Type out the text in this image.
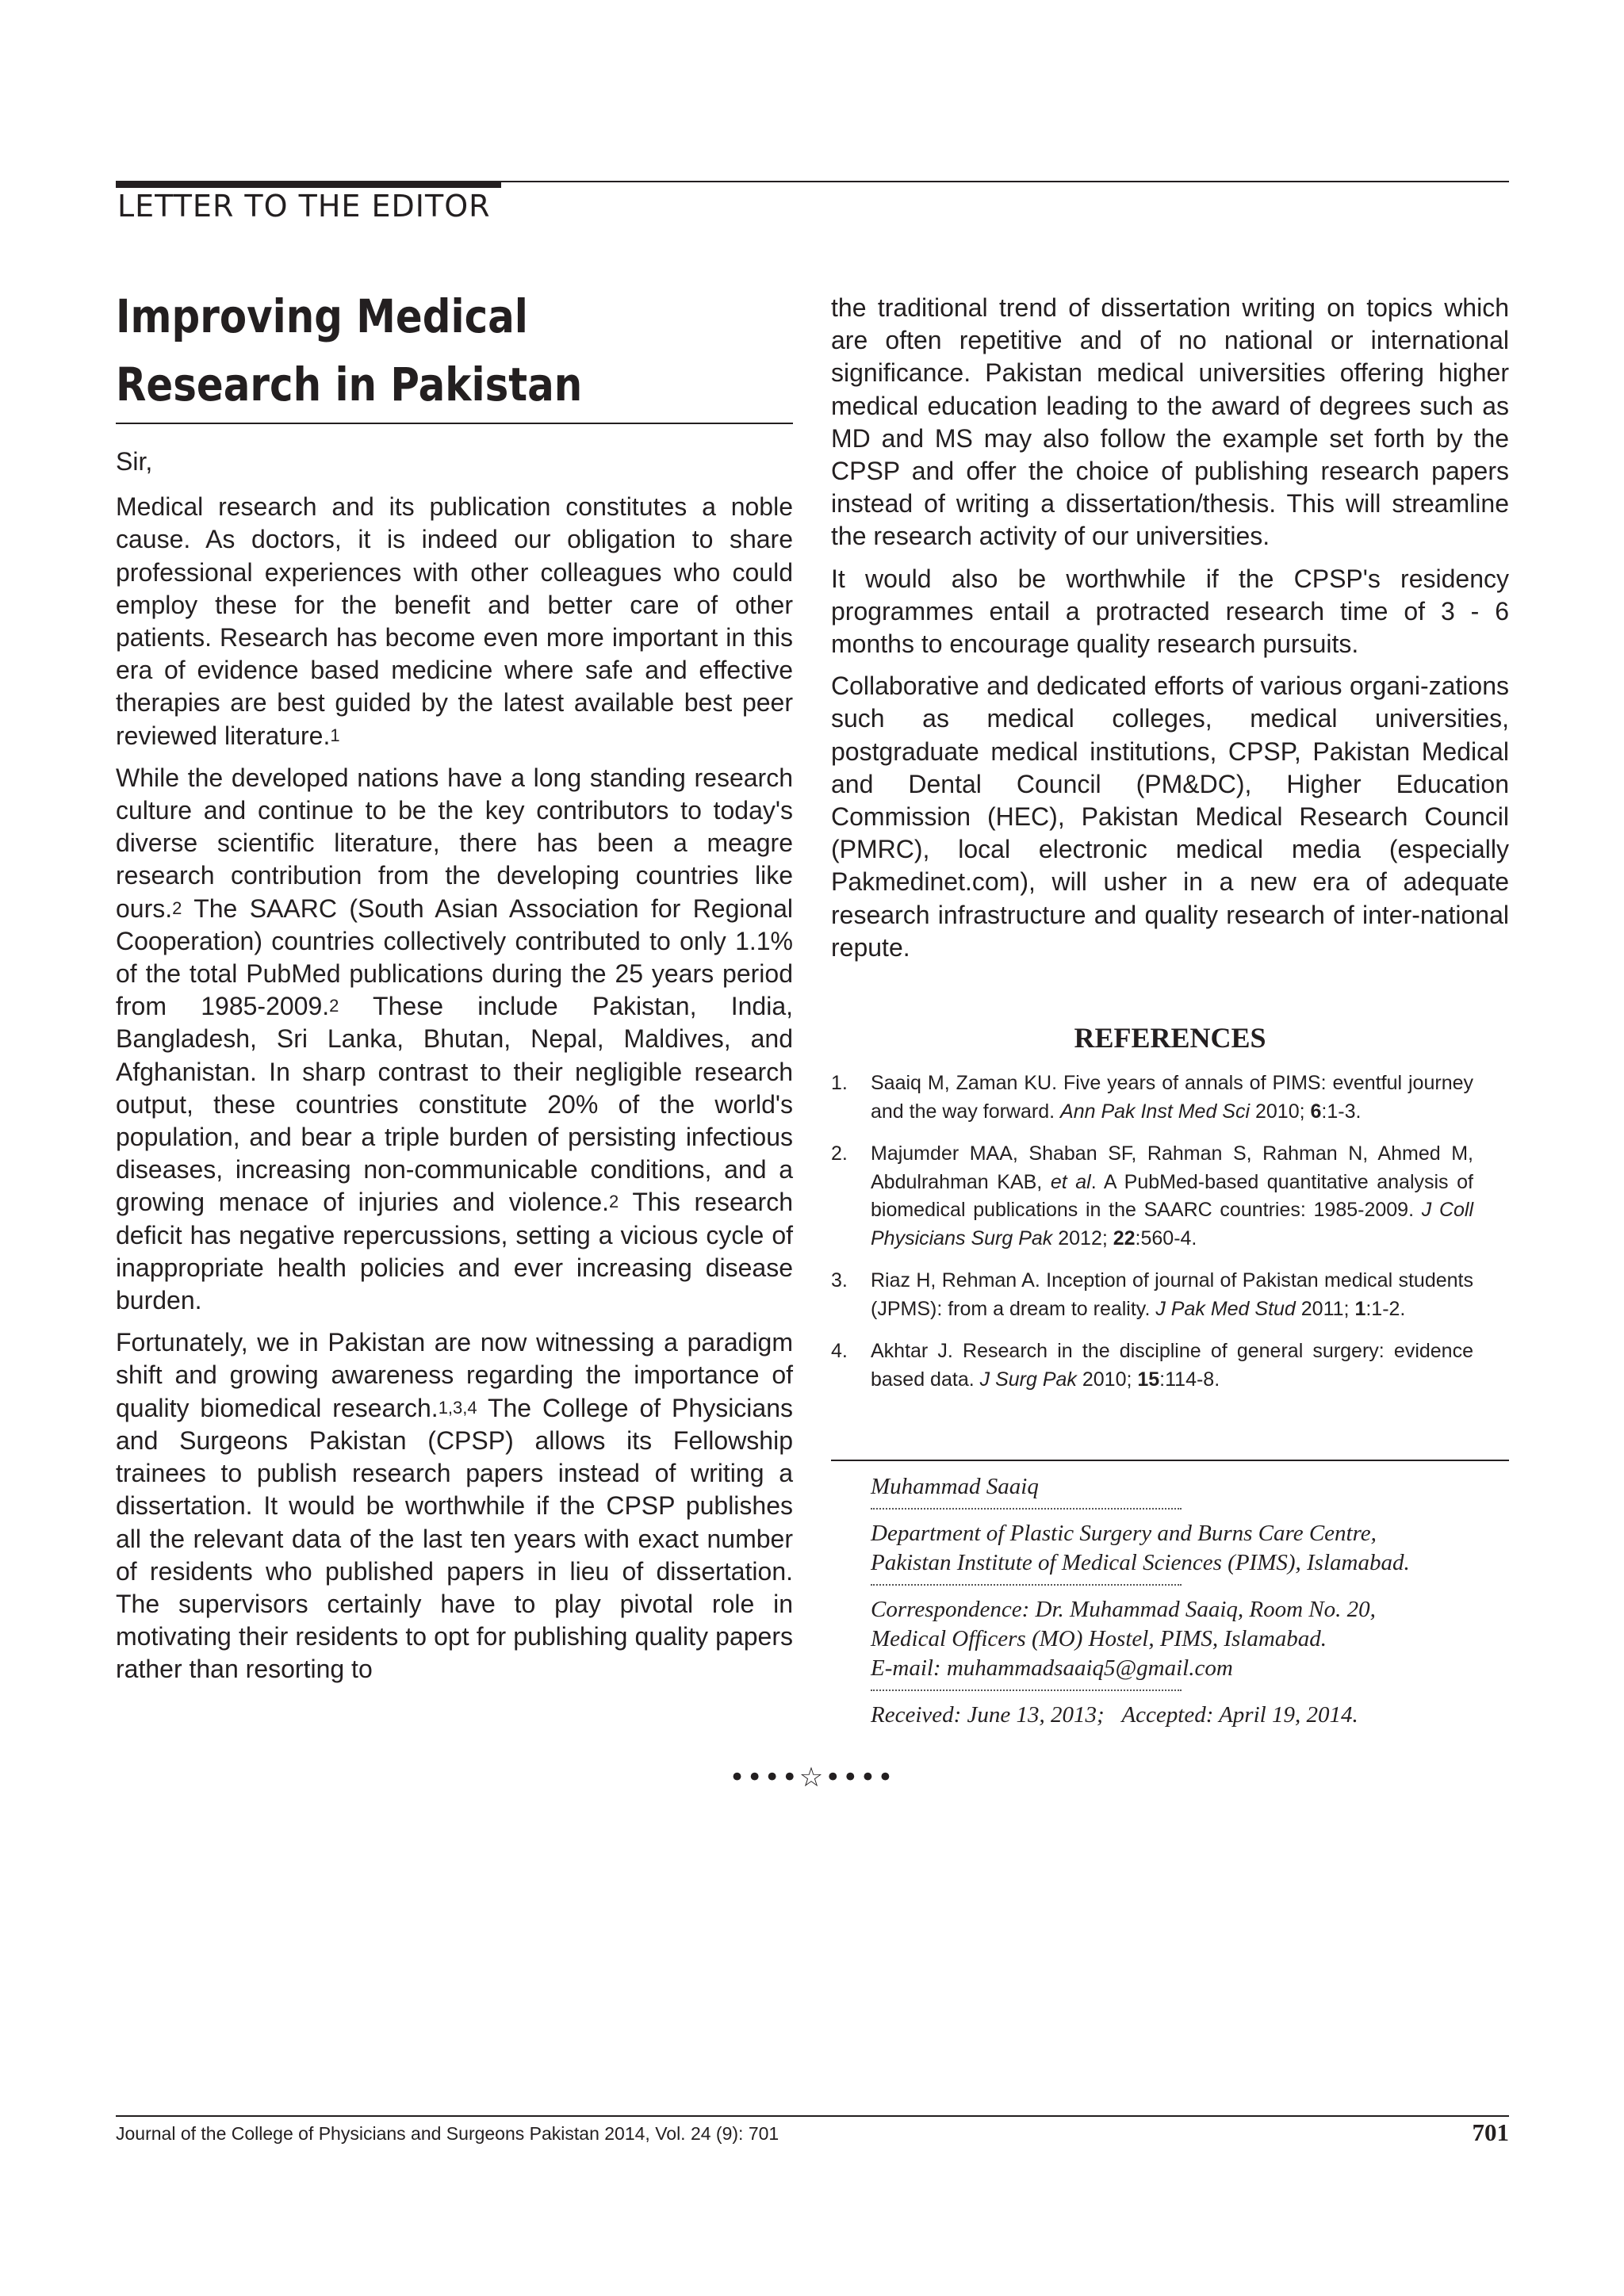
LETTER TO THE EDITOR
Improving Medical Research in Pakistan

Sir,

Medical research and its publication constitutes a noble cause. As doctors, it is indeed our obligation to share professional experiences with other colleagues who could employ these for the benefit and better care of other patients. Research has become even more important in this era of evidence based medicine where safe and effective therapies are best guided by the latest available best peer reviewed literature.$^1$

While the developed nations have a long standing research culture and continue to be the key contributors to today's diverse scientific literature, there has been a meagre research contribution from the developing countries like ours.$^2$ The SAARC (South Asian Association for Regional Cooperation) countries collectively contributed to only 1.1% of the total PubMed publications during the 25 years period from 1985-2009.$^2$ These include Pakistan, India, Bangladesh, Sri Lanka, Bhutan, Nepal, Maldives, and Afghanistan. In sharp contrast to their negligible research output, these countries constitute 20% of the world's population, and bear a triple burden of persisting infectious diseases, increasing non-communicable conditions, and a growing menace of injuries and violence.$^2$ This research deficit has negative repercussions, setting a vicious cycle of inappropriate health policies and ever increasing disease burden.

Fortunately, we in Pakistan are now witnessing a paradigm shift and growing awareness regarding the importance of quality biomedical research.$^{1,3,4}$ The College of Physicians and Surgeons Pakistan (CPSP) allows its Fellowship trainees to publish research papers instead of writing a dissertation. It would be worthwhile if the CPSP publishes all the relevant data of the last ten years with exact number of residents who published papers in lieu of dissertation. The supervisors certainly have to play pivotal role in motivating their residents to opt for publishing quality papers rather than resorting to

the traditional trend of dissertation writing on topics which are often repetitive and of no national or international significance. Pakistan medical universities offering higher medical education leading to the award of degrees such as MD and MS may also follow the example set forth by the CPSP and offer the choice of publishing research papers instead of writing a dissertation/thesis. This will streamline the research activity of our universities.

It would also be worthwhile if the CPSP's residency programmes entail a protracted research time of 3 - 6 months to encourage quality research pursuits.

Collaborative and dedicated efforts of various organi-zations such as medical colleges, medical universities, postgraduate medical institutions, CPSP, Pakistan Medical and Dental Council (PM&DC), Higher Education Commission (HEC), Pakistan Medical Research Council (PMRC), local electronic medical media (especially Pakmedinet.com), will usher in a new era of adequate research infrastructure and quality research of inter-national repute.

REFERENCES
1. Saaiq M, Zaman KU. Five years of annals of PIMS: eventful journey and the way forward. Ann Pak Inst Med Sci 2010; 6:1-3.
2. Majumder MAA, Shaban SF, Rahman S, Rahman N, Ahmed M, Abdulrahman KAB, et al. A PubMed-based quantitative analysis of biomedical publications in the SAARC countries: 1985-2009. J Coll Physicians Surg Pak 2012; 22:560-4.
3. Riaz H, Rehman A. Inception of journal of Pakistan medical students (JPMS): from a dream to reality. J Pak Med Stud 2011; 1:1-2.
4. Akhtar J. Research in the discipline of general surgery: evidence based data. J Surg Pak 2010; 15:114-8.
Muhammad Saaiq
Department of Plastic Surgery and Burns Care Centre,
Pakistan Institute of Medical Sciences (PIMS), Islamabad.
Correspondence: Dr. Muhammad Saaiq, Room No. 20,
Medical Officers (MO) Hostel, PIMS, Islamabad.
E-mail: muhammadsaaiq5@gmail.com
Received: June 13, 2013; Accepted: April 19, 2014.
••••☆••••
Journal of the College of Physicians and Surgeons Pakistan 2014, Vol. 24 (9): 701	701
